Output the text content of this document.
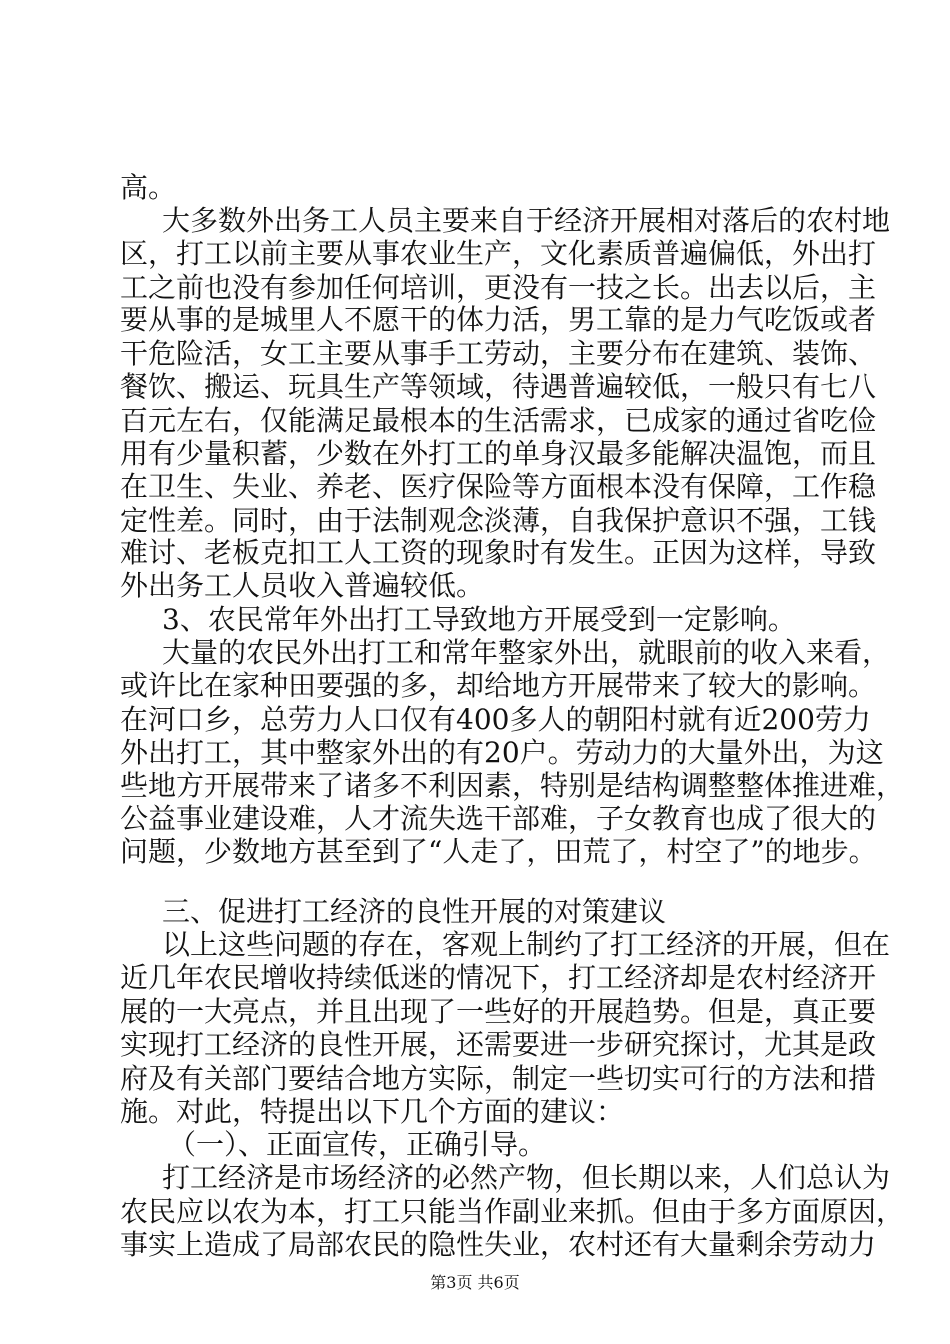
高。
大多数外出务工人员主要来自于经济开展相对落后的农村地
区，打工以前主要从事农业生产，文化素质普遍偏低，外出打
工之前也没有参加任何培训，更没有一技之长。出去以后，主
要从事的是城里人不愿干的体力活，男工靠的是力气吃饭或者
干危险活，女工主要从事手工劳动，主要分布在建筑、装饰、
餐饮、搬运、玩具生产等领域，待遇普遍较低，一般只有七八
百元左右，仅能满足最根本的生活需求，已成家的通过省吃俭
用有少量积蓄，少数在外打工的单身汉最多能解决温饱，而且
在卫生、失业、养老、医疗保险等方面根本没有保障，工作稳
定性差。同时，由于法制观念淡薄，自我保护意识不强，工钱
难讨、老板克扣工人工资的现象时有发生。正因为这样，导致
外出务工人员收入普遍较低。
3、农民常年外出打工导致地方开展受到一定影响。
大量的农民外出打工和常年整家外出，就眼前的收入来看，
或许比在家种田要强的多，却给地方开展带来了较大的影响。
在河口乡，总劳力人口仅有400多人的朝阳村就有近200劳力
外出打工，其中整家外出的有20户。劳动力的大量外出，为这
些地方开展带来了诸多不利因素，特别是结构调整整体推进难，
公益事业建设难，人才流失选干部难，子女教育也成了很大的
问题，少数地方甚至到了“人走了，田荒了，村空了”的地步。
三、促进打工经济的良性开展的对策建议
以上这些问题的存在，客观上制约了打工经济的开展，但在
近几年农民增收持续低迷的情况下，打工经济却是农村经济开
展的一大亮点，并且出现了一些好的开展趋势。但是，真正要
实现打工经济的良性开展，还需要进一步研究探讨，尤其是政
府及有关部门要结合地方实际，制定一些切实可行的方法和措
施。对此，特提出以下几个方面的建议：
（一）、正面宣传，正确引导。
打工经济是市场经济的必然产物，但长期以来，人们总认为
农民应以农为本，打工只能当作副业来抓。但由于多方面原因，
事实上造成了局部农民的隐性失业，农村还有大量剩余劳动力
第3页 共6页
